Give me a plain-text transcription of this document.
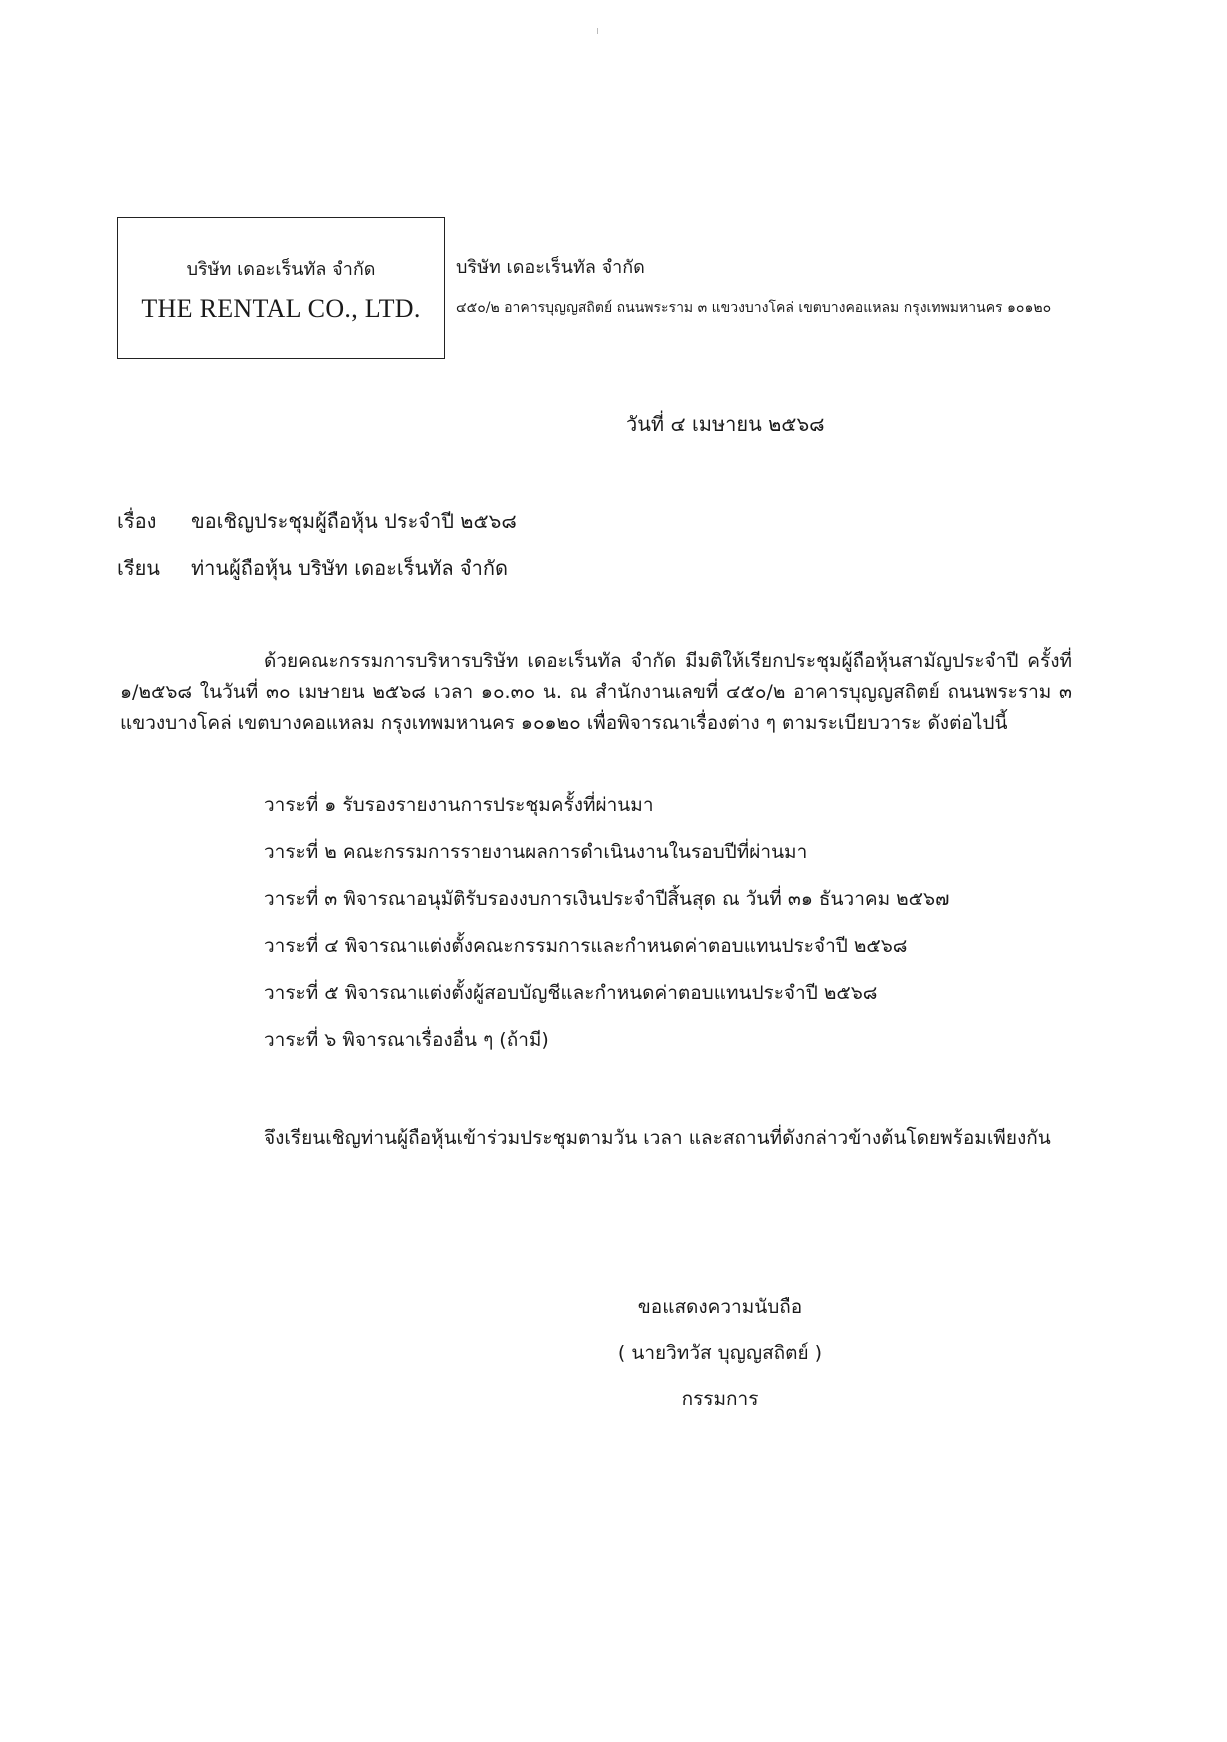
บริษัท เดอะเร็นทัล จำกัด
THE RENTAL CO., LTD.
บริษัท เดอะเร็นทัล จำกัด
๔๕๐/๒ อาคารบุญญสถิตย์ ถนนพระราม ๓ แขวงบางโคล่ เขตบางคอแหลม กรุงเทพมหานคร ๑๐๑๒๐
วันที่ ๔ เมษายน ๒๕๖๘
เรื่อง ขอเชิญประชุมผู้ถือหุ้น ประจำปี ๒๕๖๘
เรียน ท่านผู้ถือหุ้น บริษัท เดอะเร็นทัล จำกัด
ด้วยคณะกรรมการบริหารบริษัท เดอะเร็นทัล จำกัด มีมติให้เรียกประชุมผู้ถือหุ้นสามัญประจำปี ครั้งที่ ๑/๒๕๖๘ ในวันที่ ๓๐ เมษายน ๒๕๖๘ เวลา ๑๐.๓๐ น. ณ สำนักงานเลขที่ ๔๕๐/๒ อาคารบุญญสถิตย์ ถนนพระราม ๓ แขวงบางโคล่ เขตบางคอแหลม กรุงเทพมหานคร ๑๐๑๒๐ เพื่อพิจารณาเรื่องต่าง ๆ ตามระเบียบวาระ ดังต่อไปนี้
วาระที่ ๑ รับรองรายงานการประชุมครั้งที่ผ่านมา
วาระที่ ๒ คณะกรรมการรายงานผลการดำเนินงานในรอบปีที่ผ่านมา
วาระที่ ๓ พิจารณาอนุมัติรับรองงบการเงินประจำปีสิ้นสุด ณ วันที่ ๓๑ ธันวาคม ๒๕๖๗
วาระที่ ๔ พิจารณาแต่งตั้งคณะกรรมการและกำหนดค่าตอบแทนประจำปี ๒๕๖๘
วาระที่ ๕ พิจารณาแต่งตั้งผู้สอบบัญชีและกำหนดค่าตอบแทนประจำปี ๒๕๖๘
วาระที่ ๖ พิจารณาเรื่องอื่น ๆ (ถ้ามี)
จึงเรียนเชิญท่านผู้ถือหุ้นเข้าร่วมประชุมตามวัน เวลา และสถานที่ดังกล่าวข้างต้นโดยพร้อมเพียงกัน
ขอแสดงความนับถือ
( นายวิทวัส บุญญสถิตย์ )
กรรมการ
